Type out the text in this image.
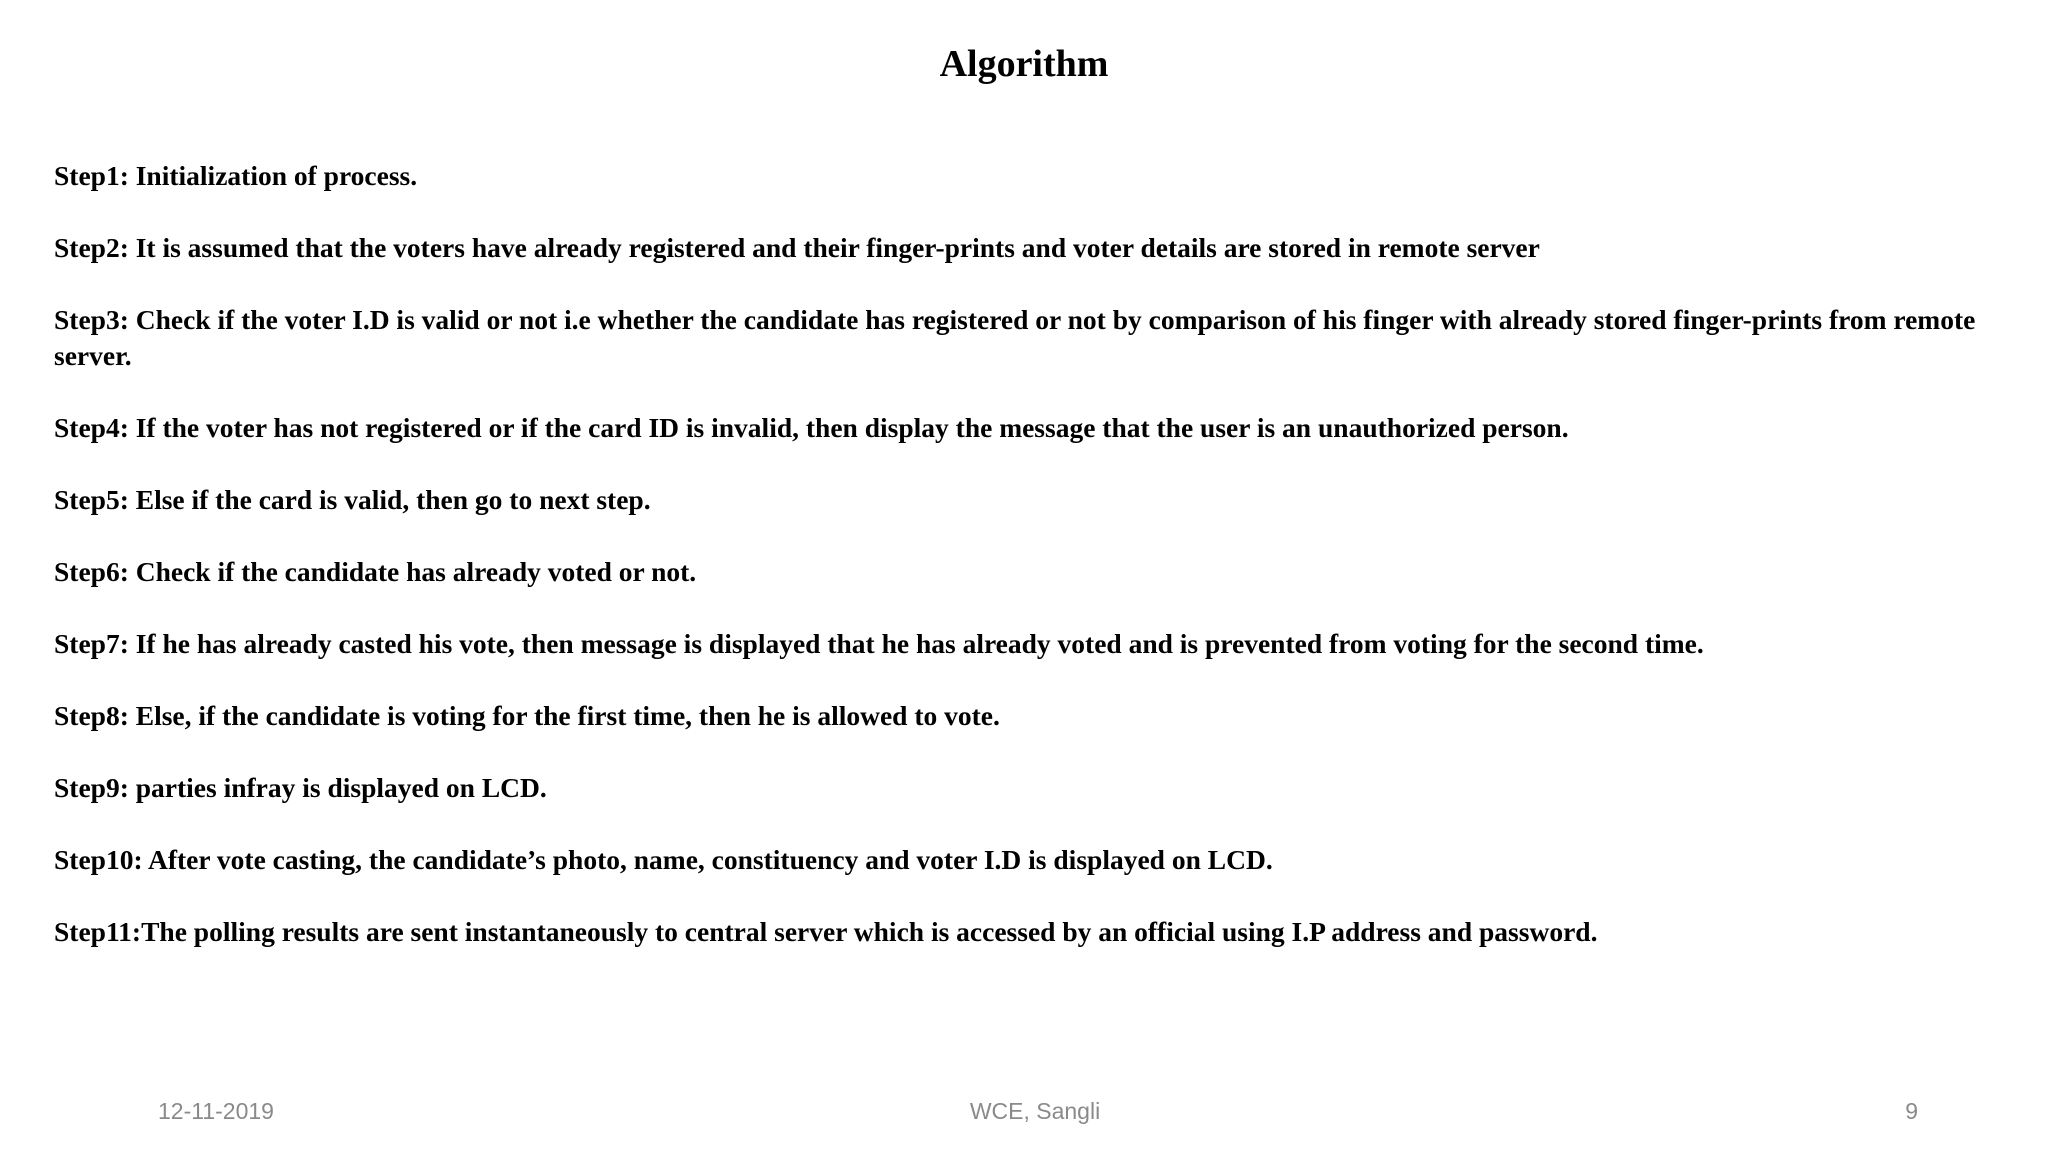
Algorithm
Step1: Initialization of process.
Step2: It is assumed that the voters have already registered and their finger-prints and voter details are stored in remote server
Step3: Check if the voter I.D is valid or not i.e whether the candidate has registered or not by comparison of his finger with already stored finger-prints from remote server.
Step4: If the voter has not registered or if the card ID is invalid, then display the message that the user is an unauthorized person.
Step5: Else if the card is valid, then go to next step.
Step6: Check if the candidate has already voted or not.
Step7: If he has already casted his vote, then message is displayed that he has already voted and is prevented from voting for the second time.
Step8: Else, if the candidate is voting for the first time, then he is allowed to vote.
Step9: parties infray is displayed on LCD.
Step10: After vote casting, the candidate’s photo, name, constituency and voter I.D is displayed on LCD.
Step11:The polling results are sent instantaneously to central server which is accessed by an official using I.P address and password.
12-11-2019	WCE, Sangli	9
